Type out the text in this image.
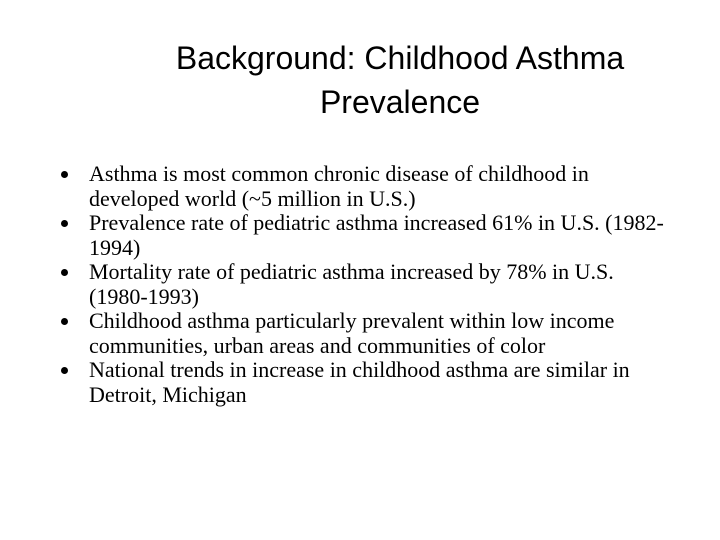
Background: Childhood Asthma
Prevalence
Asthma is most common chronic disease of childhood in developed world (~5 million in U.S.)
Prevalence rate of pediatric asthma increased 61% in U.S. (1982-1994)
Mortality rate of pediatric asthma increased by 78% in U.S. (1980-1993)
Childhood asthma particularly prevalent within low income communities, urban areas and communities of color
National trends in increase in childhood asthma are similar in Detroit, Michigan
